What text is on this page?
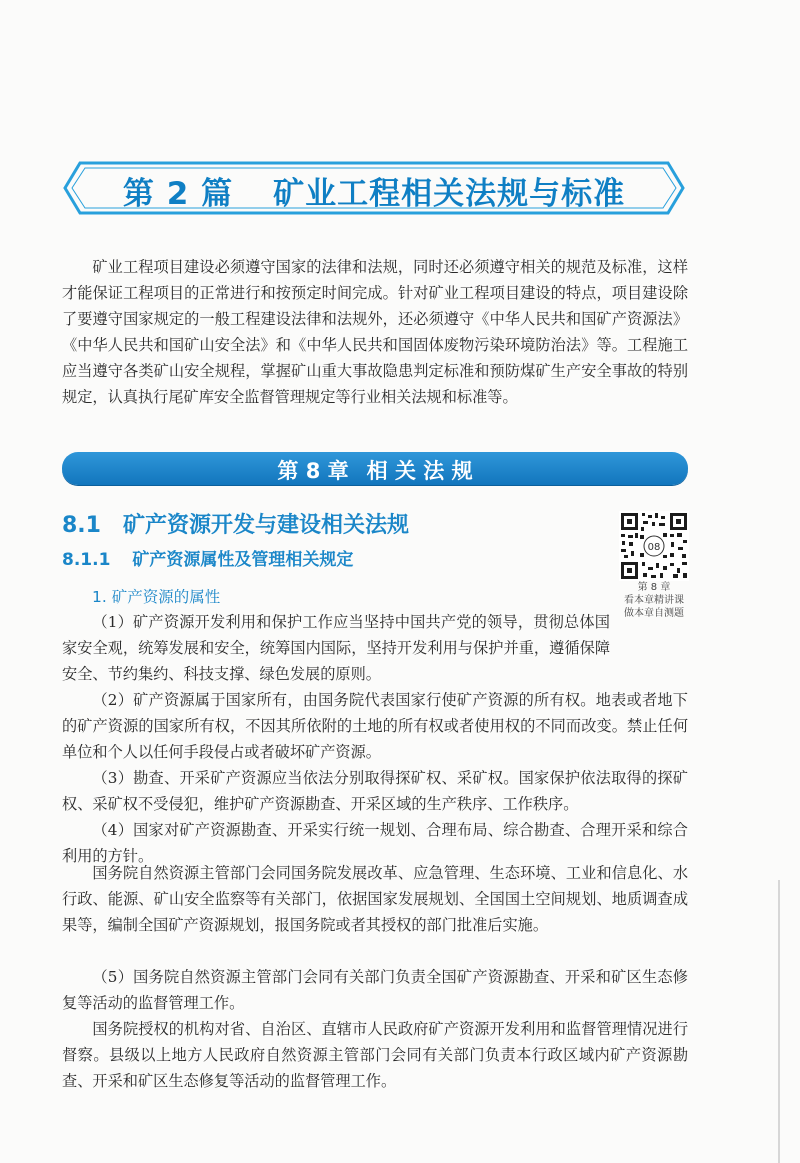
第 2 篇 矿业工程相关法规与标准

矿业工程项目建设必须遵守国家的法律和法规，同时还必须遵守相关的规范及标准，这样才能保证工程项目的正常进行和按预定时间完成。针对矿业工程项目建设的特点，项目建设除了要遵守国家规定的一般工程建设法律和法规外，还必须遵守《中华人民共和国矿产资源法》《中华人民共和国矿山安全法》和《中华人民共和国固体废物污染环境防治法》等。工程施工应当遵守各类矿山安全规程，掌握矿山重大事故隐患判定标准和预防煤矿生产安全事故的特别规定，认真执行尾矿库安全监督管理规定等行业相关法规和标准等。

第 8 章 相 关 法 规
8.1 矿产资源开发与建设相关法规
8.1.1 矿产资源属性及管理相关规定
1. 矿产资源的属性
08
第 8 章
看本章精讲课
做本章自测题

（1）矿产资源开发利用和保护工作应当坚持中国共产党的领导，贯彻总体国家安全观，统筹发展和安全，统筹国内国际，坚持开发利用与保护并重，遵循保障安全、节约集约、科技支撑、绿色发展的原则。

（2）矿产资源属于国家所有，由国务院代表国家行使矿产资源的所有权。地表或者地下的矿产资源的国家所有权，不因其所依附的土地的所有权或者使用权的不同而改变。禁止任何单位和个人以任何手段侵占或者破坏矿产资源。

（3）勘查、开采矿产资源应当依法分别取得探矿权、采矿权。国家保护依法取得的探矿权、采矿权不受侵犯，维护矿产资源勘查、开采区域的生产秩序、工作秩序。

（4）国家对矿产资源勘查、开采实行统一规划、合理布局、综合勘查、合理开采和综合利用的方针。

国务院自然资源主管部门会同国务院发展改革、应急管理、生态环境、工业和信息化、水行政、能源、矿山安全监察等有关部门，依据国家发展规划、全国国土空间规划、地质调查成果等，编制全国矿产资源规划，报国务院或者其授权的部门批准后实施。

（5）国务院自然资源主管部门会同有关部门负责全国矿产资源勘查、开采和矿区生态修复等活动的监督管理工作。

国务院授权的机构对省、自治区、直辖市人民政府矿产资源开发利用和监督管理情况进行督察。县级以上地方人民政府自然资源主管部门会同有关部门负责本行政区域内矿产资源勘查、开采和矿区生态修复等活动的监督管理工作。
